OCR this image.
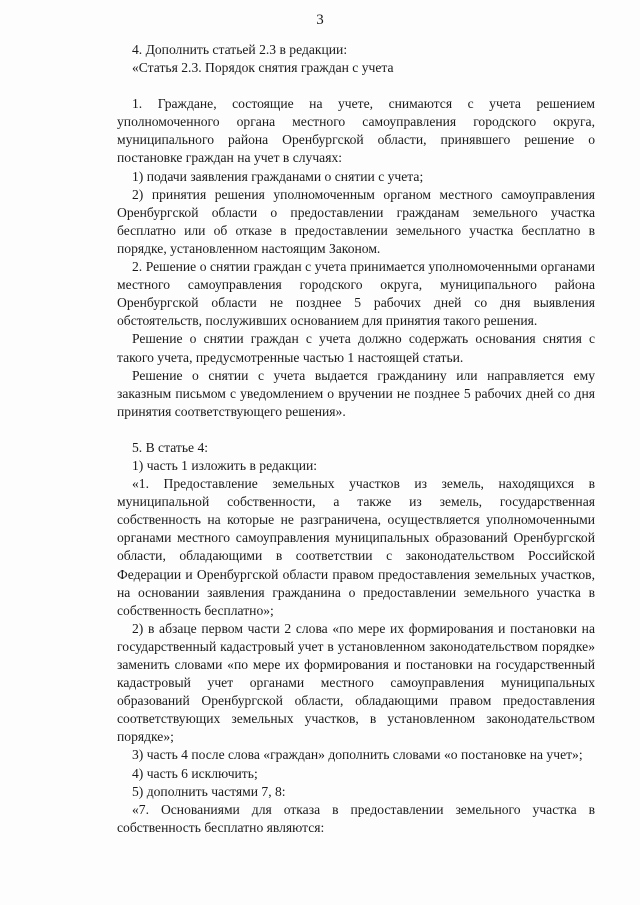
3

4. Дополнить статьей 2.3 в редакции:

«Статья 2.3. Порядок снятия граждан с учета

1. Граждане, состоящие на учете, снимаются с учета решением уполномоченного органа местного самоуправления городского округа, муниципального района Оренбургской области, принявшего решение о постановке граждан на учет в случаях:

1) подачи заявления гражданами о снятии с учета;

2) принятия решения уполномоченным органом местного самоуправления Оренбургской области о предоставлении гражданам земельного участка бесплатно или об отказе в предоставлении земельного участка бесплатно в порядке, установленном настоящим Законом.

2. Решение о снятии граждан с учета принимается уполномоченными органами местного самоуправления городского округа, муниципального района Оренбургской области не позднее 5 рабочих дней со дня выявления обстоятельств, послуживших основанием для принятия такого решения.

Решение о снятии граждан с учета должно содержать основания снятия с такого учета, предусмотренные частью 1 настоящей статьи.

Решение о снятии с учета выдается гражданину или направляется ему заказным письмом с уведомлением о вручении не позднее 5 рабочих дней со дня принятия соответствующего решения».

5. В статье 4:

1) часть 1 изложить в редакции:

«1. Предоставление земельных участков из земель, находящихся в муниципальной собственности, а также из земель, государственная собственность на которые не разграничена, осуществляется уполномоченными органами местного самоуправления муниципальных образований Оренбургской области, обладающими в соответствии с законодательством Российской Федерации и Оренбургской области правом предоставления земельных участков, на основании заявления гражданина о предоставлении земельного участка в собственность бесплатно»;

2) в абзаце первом части 2 слова «по мере их формирования и постановки на государственный кадастровый учет в установленном законодательством порядке» заменить словами «по мере их формирования и постановки на государственный кадастровый учет органами местного самоуправления муниципальных образований Оренбургской области, обладающими правом предоставления соответствующих земельных участков, в установленном законодательством порядке»;

3) часть 4 после слова «граждан» дополнить словами «о постановке на учет»;

4) часть 6 исключить;

5) дополнить частями 7, 8:

«7. Основаниями для отказа в предоставлении земельного участка в собственность бесплатно являются:
